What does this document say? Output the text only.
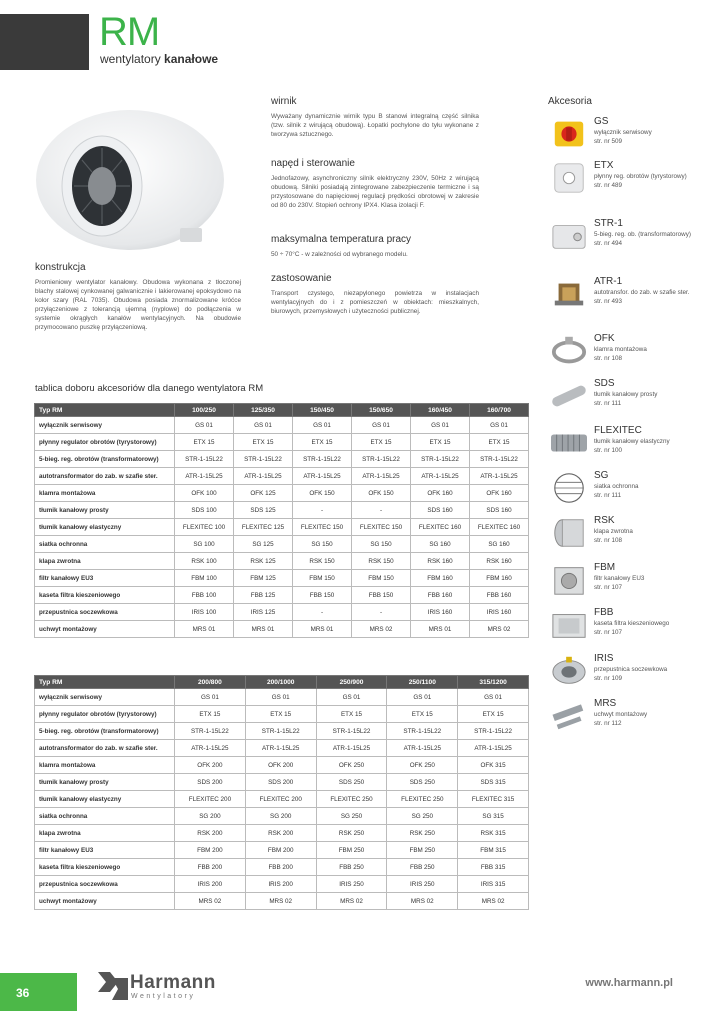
RM
wentylatory kanałowe
konstrukcja
Promieniowy wentylator kanałowy. Obudowa wykonana z tłoczonej blachy stalowej cynkowanej galwanicznie i lakierowanej epoksydowo na kolor szary (RAL 7035). Obudowa posiada znormalizowane króćce przyłączeniowe z tolerancją ujemną (nyplowe) do podłączenia w systemie okrągłych kanałów wentylacyjnych. Na obudowie przymocowano puszkę przyłączeniową.
wirnik
Wyważany dynamicznie wirnik typu B stanowi integralną część silnika (tzw. silnik z wirującą obudową). Łopatki pochylone do tyłu wykonane z tworzywa sztucznego.
napęd i sterowanie
Jednofazowy, asynchroniczny silnik elektryczny 230V, 50Hz z wirującą obudową. Silniki posiadają zintegrowane zabezpieczenie termiczne i są przystosowane do napięciowej regulacji prędkości obrotowej w zakresie od 80 do 230V. Stopień ochrony IPX4. Klasa izolacji F.
maksymalna temperatura pracy
50 ÷ 70°C - w zależności od wybranego modelu.
zastosowanie
Transport czystego, niezapylonego powietrza w instalacjach wentylacyjnych do i z pomieszczeń w obiektach: mieszkalnych, biurowych, przemysłowych i użyteczności publicznej.
Akcesoria
GS
wyłącznik serwisowy
str. nr 509
ETX
płynny reg. obrotów (tyrystorowy)
str. nr 489
STR-1
5-bieg. reg. ob. (transformatorowy)
str. nr 494
ATR-1
autotransfor. do zab. w szafie ster.
str. nr 493
OFK
klamra montażowa
str. nr 108
SDS
tłumik kanałowy prosty
str. nr 111
FLEXITEC
tłumik kanałowy elastyczny
str. nr 100
SG
siatka ochronna
str. nr 111
RSK
klapa zwrotna
str. nr 108
FBM
filtr kanałowy EU3
str. nr 107
FBB
kaseta filtra kieszeniowego
str. nr 107
IRIS
przepustnica soczewkowa
str. nr 109
MRS
uchwyt montażowy
str. nr 112
tablica doboru akcesoriów dla danego wentylatora RM
Typ RM	100/250	125/350	150/450	150/650	160/450	160/700
wyłącznik serwisowy	GS 01	GS 01	GS 01	GS 01	GS 01	GS 01
płynny regulator obrotów (tyrystorowy)	ETX 15	ETX 15	ETX 15	ETX 15	ETX 15	ETX 15
5-bieg. reg. obrotów (transformatorowy)	STR-1-15L22	STR-1-15L22	STR-1-15L22	STR-1-15L22	STR-1-15L22	STR-1-15L22
autotransformator do zab. w szafie ster.	ATR-1-15L25	ATR-1-15L25	ATR-1-15L25	ATR-1-15L25	ATR-1-15L25	ATR-1-15L25
klamra montażowa	OFK 100	OFK 125	OFK 150	OFK 150	OFK 160	OFK 160
tłumik kanałowy prosty	SDS 100	SDS 125	-	-	SDS 160	SDS 160
tłumik kanałowy elastyczny	FLEXITEC 100	FLEXITEC 125	FLEXITEC 150	FLEXITEC 150	FLEXITEC 160	FLEXITEC 160
siatka ochronna	SG 100	SG 125	SG 150	SG 150	SG 160	SG 160
klapa zwrotna	RSK 100	RSK 125	RSK 150	RSK 150	RSK 160	RSK 160
filtr kanałowy EU3	FBM 100	FBM 125	FBM 150	FBM 150	FBM 160	FBM 160
kaseta filtra kieszeniowego	FBB 100	FBB 125	FBB 150	FBB 150	FBB 160	FBB 160
przepustnica soczewkowa	IRIS 100	IRIS 125	-	-	IRIS 160	IRIS 160
uchwyt montażowy	MRS 01	MRS 01	MRS 01	MRS 02	MRS 01	MRS 02
Typ RM	200/800	200/1000	250/900	250/1100	315/1200
wyłącznik serwisowy	GS 01	GS 01	GS 01	GS 01	GS 01
płynny regulator obrotów (tyrystorowy)	ETX 15	ETX 15	ETX 15	ETX 15	ETX 15
5-bieg. reg. obrotów (transformatorowy)	STR-1-15L22	STR-1-15L22	STR-1-15L22	STR-1-15L22	STR-1-15L22
autotransformator do zab. w szafie ster.	ATR-1-15L25	ATR-1-15L25	ATR-1-15L25	ATR-1-15L25	ATR-1-15L25
klamra montażowa	OFK 200	OFK 200	OFK 250	OFK 250	OFK 315
tłumik kanałowy prosty	SDS 200	SDS 200	SDS 250	SDS 250	SDS 315
tłumik kanałowy elastyczny	FLEXITEC 200	FLEXITEC 200	FLEXITEC 250	FLEXITEC 250	FLEXITEC 315
siatka ochronna	SG 200	SG 200	SG 250	SG 250	SG 315
klapa zwrotna	RSK 200	RSK 200	RSK 250	RSK 250	RSK 315
filtr kanałowy EU3	FBM 200	FBM 200	FBM 250	FBM 250	FBM 315
kaseta filtra kieszeniowego	FBB 200	FBB 200	FBB 250	FBB 250	FBB 315
przepustnica soczewkowa	IRIS 200	IRIS 200	IRIS 250	IRIS 250	IRIS 315
uchwyt montażowy	MRS 02	MRS 02	MRS 02	MRS 02	MRS 02
36	Harmann
Wentylatory
www.harmann.pl
